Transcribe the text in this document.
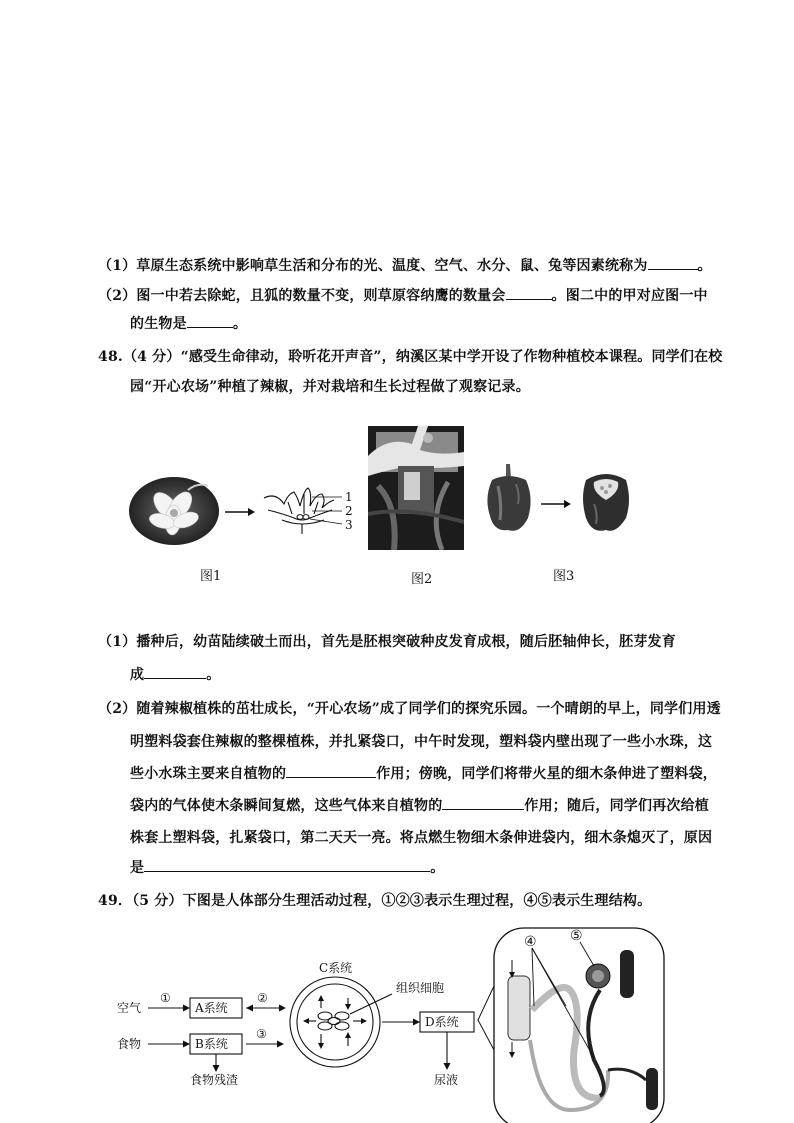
（1）草原生态系统中影响草生活和分布的光、温度、空气、水分、鼠、兔等因素统称为	。
（2）图一中若去除蛇，且狐的数量不变，则草原容纳鹰的数量会	。图二中的甲对应图一中
的生物是	。
48.（4 分）“感受生命律动，聆听花开声音”，纳溪区某中学开设了作物种植校本课程。同学们在校
园“开心农场”种植了辣椒，并对栽培和生长过程做了观察记录。
1
2
3
图1	图2	图3
（1）播种后，幼苗陆续破土而出，首先是胚根突破种皮发育成根，随后胚轴伸长，胚芽发育
成	。
（2）随着辣椒植株的茁壮成长，“开心农场”成了同学们的探究乐园。一个晴朗的早上，同学们用透
明塑料袋套住辣椒的整棵植株，并扎紧袋口，中午时发现，塑料袋内壁出现了一些小水珠，这
些小水珠主要来自植物的	作用；傍晚，同学们将带火星的细木条伸进了塑料袋，
袋内的气体使木条瞬间复燃，这些气体来自植物的	作用；随后，同学们再次给植
株套上塑料袋，扎紧袋口，第二天天一亮。将点燃生物细木条伸进袋内，细木条熄灭了，原因
是	。
49．（5 分）下图是人体部分生理活动过程，①②③表示生理过程，④⑤表示生理结构。
空气
食物
①	②
③
A系统
B系统
C系统
组织细胞
D系统
食物残渣	尿液
④ ⑤
